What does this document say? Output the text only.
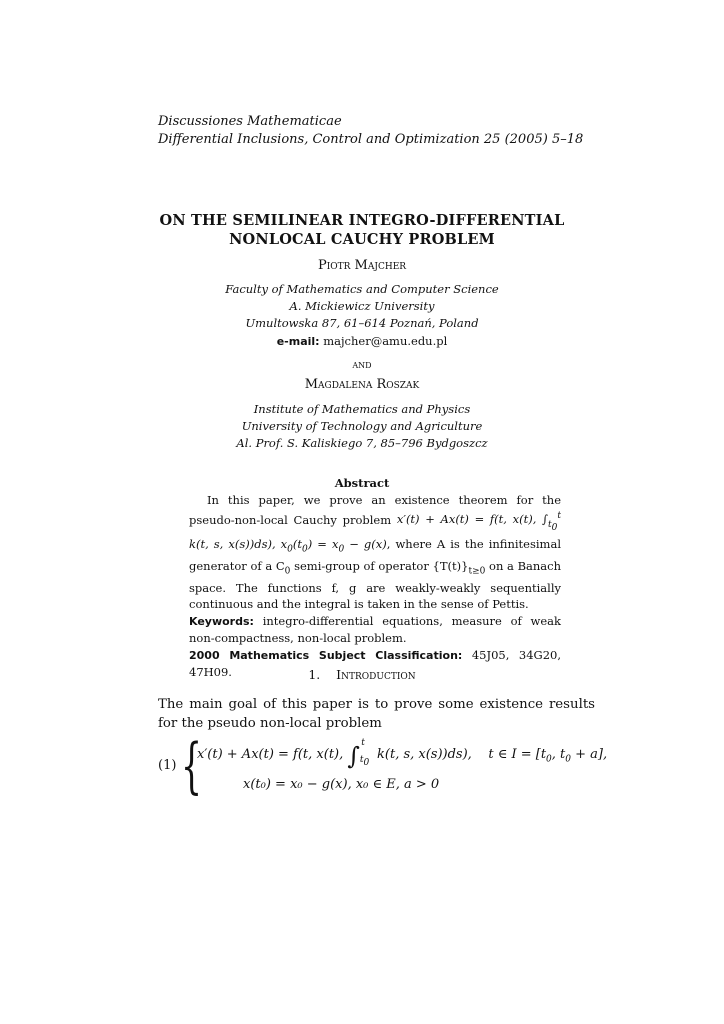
Discussiones Mathematicae
Differential Inclusions, Control and Optimization 25 (2005) 5–18
ON THE SEMILINEAR INTEGRO-DIFFERENTIAL
NONLOCAL CAUCHY PROBLEM
Piotr Majcher
Faculty of Mathematics and Computer Science
A. Mickiewicz University
Umultowska 87, 61–614 Poznań, Poland
e-mail: majcher@amu.edu.pl
and
Magdalena Roszak
Institute of Mathematics and Physics
University of Technology and Agriculture
Al. Prof. S. Kaliskiego 7, 85–796 Bydgoszcz
Abstract

In this paper, we prove an existence theorem for the pseudo-non-local Cauchy problem x′(t) + Ax(t) = f(t, x(t), $\int_{t_0}^t$ k(t, s, x(s))ds), $x_0(t_0) = x_0 - g(x)$, where A is the infinitesimal generator of a $C_0$ semi-group of operator $\{T(t)\}_{t\ge 0}$ on a Banach space. The functions f, g are weakly-weakly sequentially continuous and the integral is taken in the sense of Pettis.

Keywords: integro-differential equations, measure of weak non-compactness, non-local problem.

2000 Mathematics Subject Classification: 45J05, 34G20, 47H09.	1. Introduction
The main goal of this paper is to prove some existence results for the pseudo non-local problem
(1) {
x′(t) + Ax(t) = f(t, x(t), $\int_{t_0}^t$ k(t, s, x(s))ds), t ∈ $I = [t_0$, $t_0 + a$],
x(t₀) = x₀ − g(x), x₀ ∈ E, a > 0
